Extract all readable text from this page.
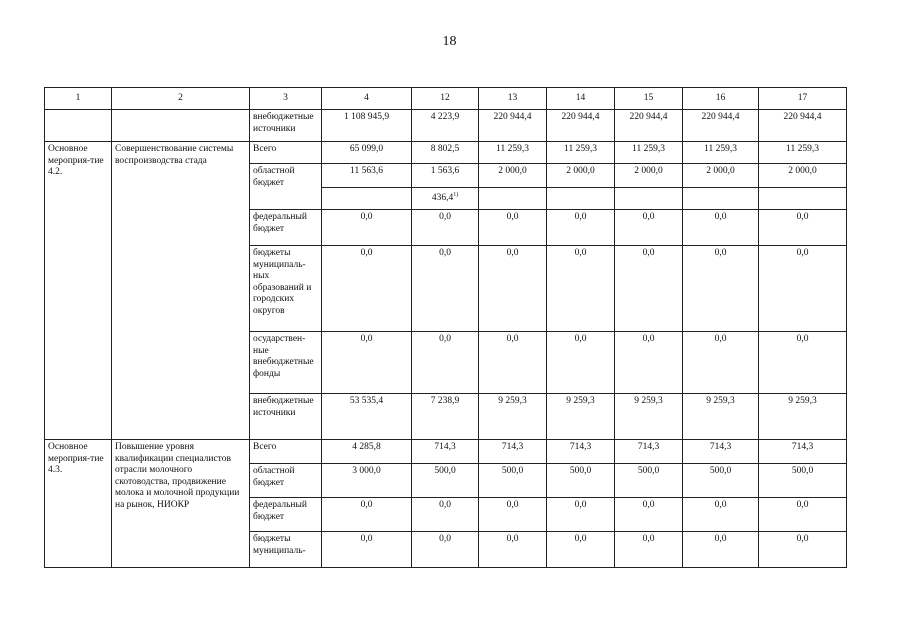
18
1	2	3	4	12	13	14	15	16	17
		внебюджетные источники	1 108 945,9	4 223,9	220 944,4	220 944,4	220 944,4	220 944,4	220 944,4
Основное мероприя-тие 4.2.	Совершенствование системы воспроизводства стада	Всего	65 099,0	8 802,5	11 259,3	11 259,3	11 259,3	11 259,3	11 259,3
		областной бюджет	11 563,6	1 563,6	2 000,0	2 000,0	2 000,0	2 000,0	2 000,0
				436,4$^{1)}$					
		федеральный бюджет	0,0	0,0	0,0	0,0	0,0	0,0	0,0
		бюджеты муниципаль-ных образований и городских округов	0,0	0,0	0,0	0,0	0,0	0,0	0,0
		осударствен-ные внебюджетные фонды	0,0	0,0	0,0	0,0	0,0	0,0	0,0
		внебюджетные источники	53 535,4	7 238,9	9 259,3	9 259,3	9 259,3	9 259,3	9 259,3
Основное мероприя-тие 4.3.	Повышение уровня квалификации специалистов отрасли молочного скотоводства, продвижение молока и молочной продукции на рынок, НИОКР	Всего	4 285,8	714,3	714,3	714,3	714,3	714,3	714,3
		областной бюджет	3 000,0	500,0	500,0	500,0	500,0	500,0	500,0
		федеральный бюджет	0,0	0,0	0,0	0,0	0,0	0,0	0,0
		бюджеты муниципаль-	0,0	0,0	0,0	0,0	0,0	0,0	0,0
